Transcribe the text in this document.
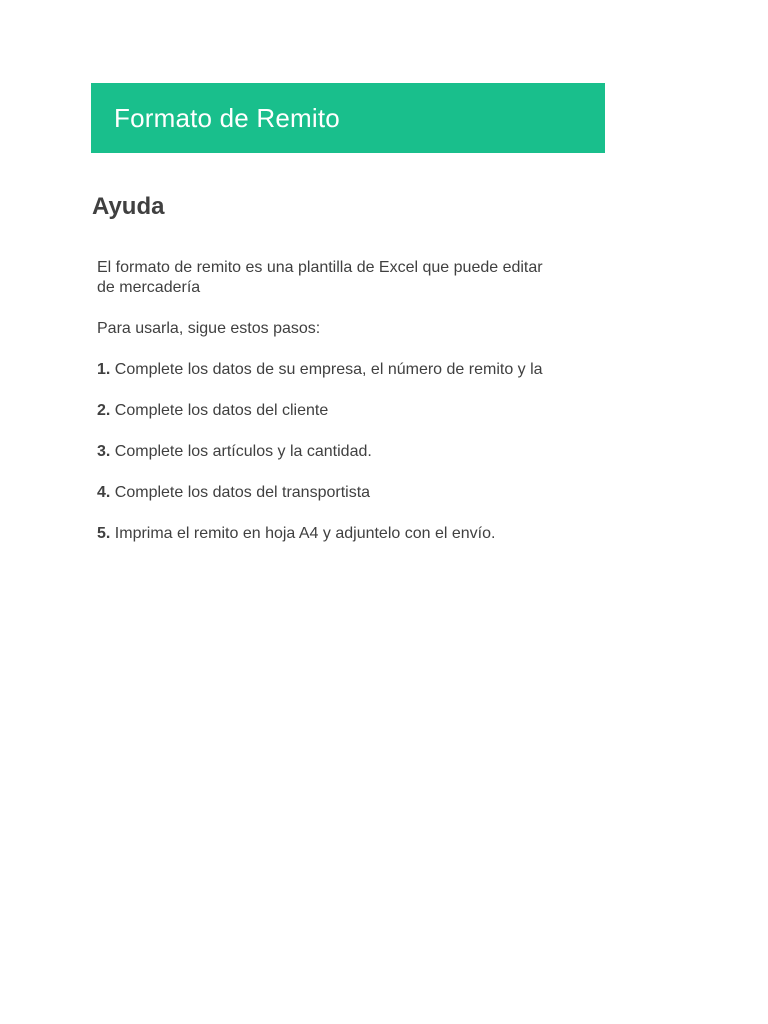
Formato de Remito
Ayuda
El formato de remito es una plantilla de Excel que puede editar
de mercadería
Para usarla, sigue estos pasos:
1. Complete los datos de su empresa, el número de remito y la
2. Complete los datos del cliente
3. Complete los artículos y la cantidad.
4. Complete los datos del transportista
5. Imprima el remito en hoja A4 y adjuntelo con el envío.
